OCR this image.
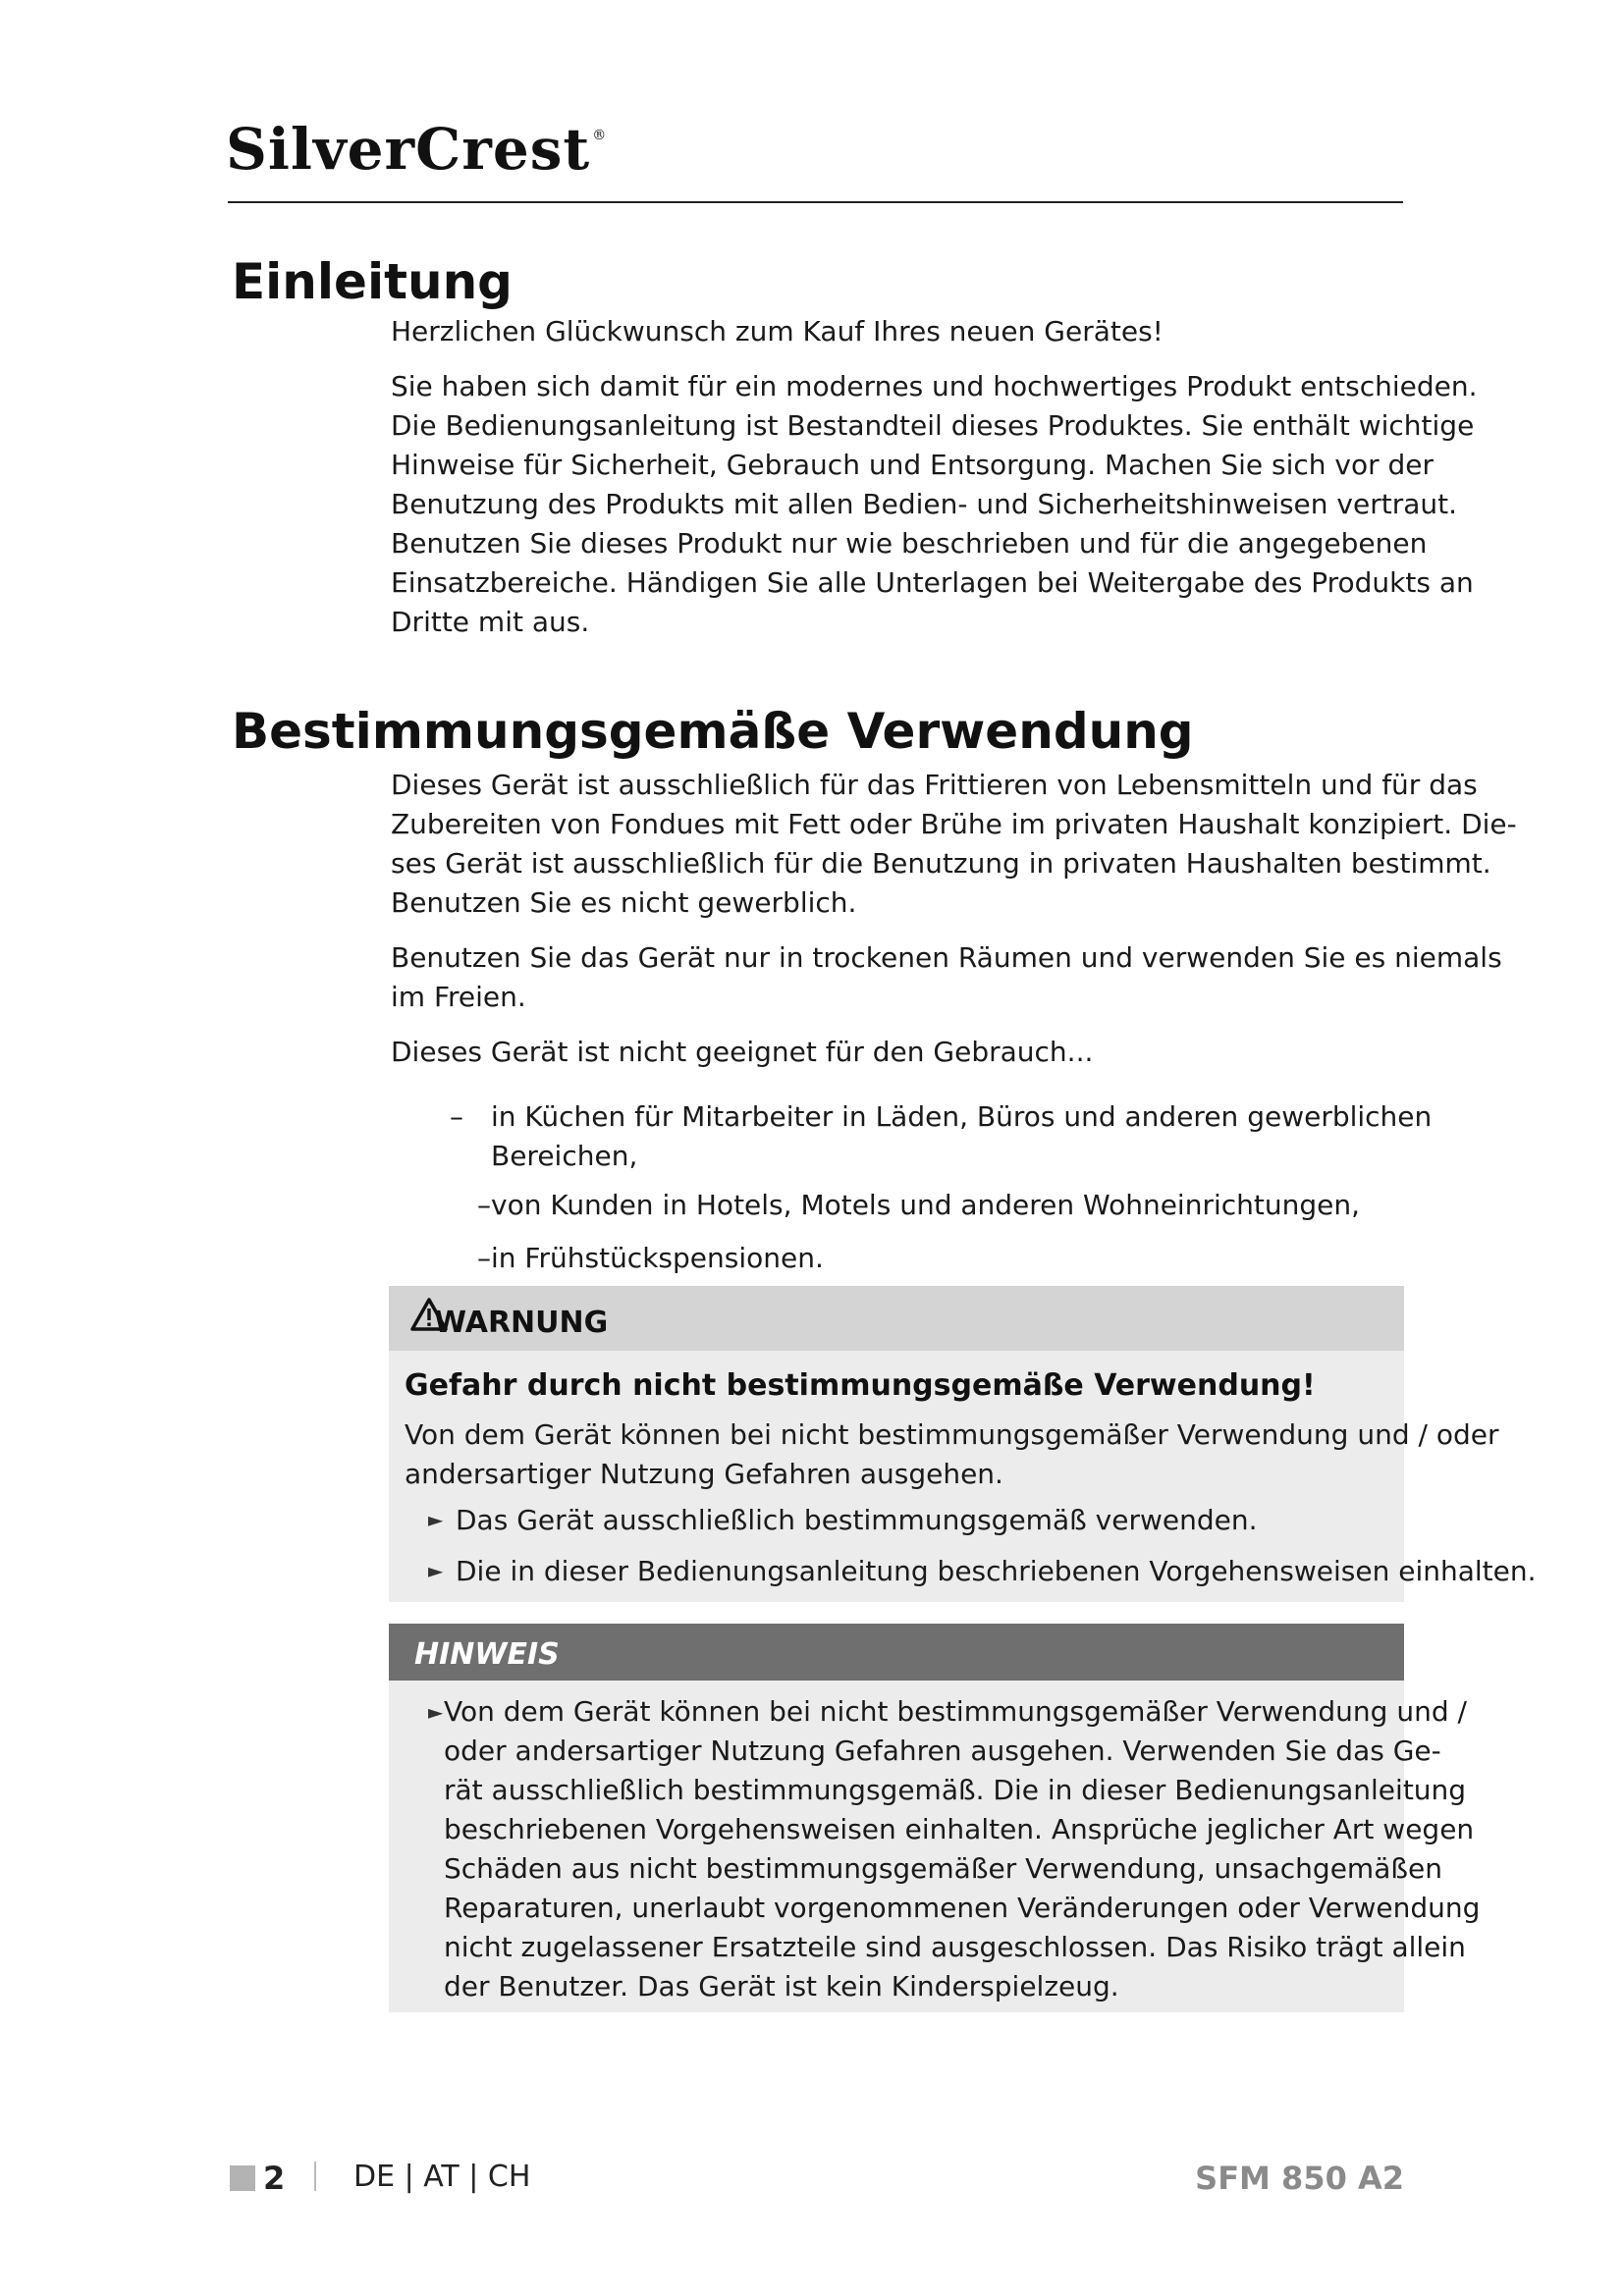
SilverCrest ®
Einleitung

Herzlichen Glückwunsch zum Kauf Ihres neuen Gerätes!

Sie haben sich damit für ein modernes und hochwertiges Produkt entschieden.
Die Bedienungsanleitung ist Bestandteil dieses Produktes. Sie enthält wichtige
Hinweise für Sicherheit, Gebrauch und Entsorgung. Machen Sie sich vor der
Benutzung des Produkts mit allen Bedien- und Sicherheitshinweisen vertraut.
Benutzen Sie dieses Produkt nur wie beschrieben und für die angegebenen
Einsatzbereiche. Händigen Sie alle Unterlagen bei Weitergabe des Produkts an
Dritte mit aus.

Bestimmungsgemäße Verwendung

Dieses Gerät ist ausschließlich für das Frittieren von Lebensmitteln und für das
Zubereiten von Fondues mit Fett oder Brühe im privaten Haushalt konzipiert. Die-
ses Gerät ist ausschließlich für die Benutzung in privaten Haushalten bestimmt.
Benutzen Sie es nicht gewerblich.

Benutzen Sie das Gerät nur in trockenen Räumen und verwenden Sie es niemals
im Freien.

Dieses Gerät ist nicht geeignet für den Gebrauch...

– in Küchen für Mitarbeiter in Läden, Büros und anderen gewerblichen
Bereichen,
–von Kunden in Hotels, Motels und anderen Wohneinrichtungen,
–in Frühstückspensionen.
WARNUNG
Gefahr durch nicht bestimmungsgemäße Verwendung!
Von dem Gerät können bei nicht bestimmungsgemäßer Verwendung und / oder
andersartiger Nutzung Gefahren ausgehen.
► Das Gerät ausschließlich bestimmungsgemäß verwenden.
► Die in dieser Bedienungsanleitung beschriebenen Vorgehensweisen einhalten.
HINWEIS
► Von dem Gerät können bei nicht bestimmungsgemäßer Verwendung und /
oder andersartiger Nutzung Gefahren ausgehen. Verwenden Sie das Ge-
rät ausschließlich bestimmungsgemäß. Die in dieser Bedienungsanleitung
beschriebenen Vorgehensweisen einhalten. Ansprüche jeglicher Art wegen
Schäden aus nicht bestimmungsgemäßer Verwendung, unsachgemäßen
Reparaturen, unerlaubt vorgenommenen Veränderungen oder Verwendung
nicht zugelassener Ersatzteile sind ausgeschlossen. Das Risiko trägt allein
der Benutzer. Das Gerät ist kein Kinderspielzeug.
2 DE | AT | CH	SFM 850 A2
